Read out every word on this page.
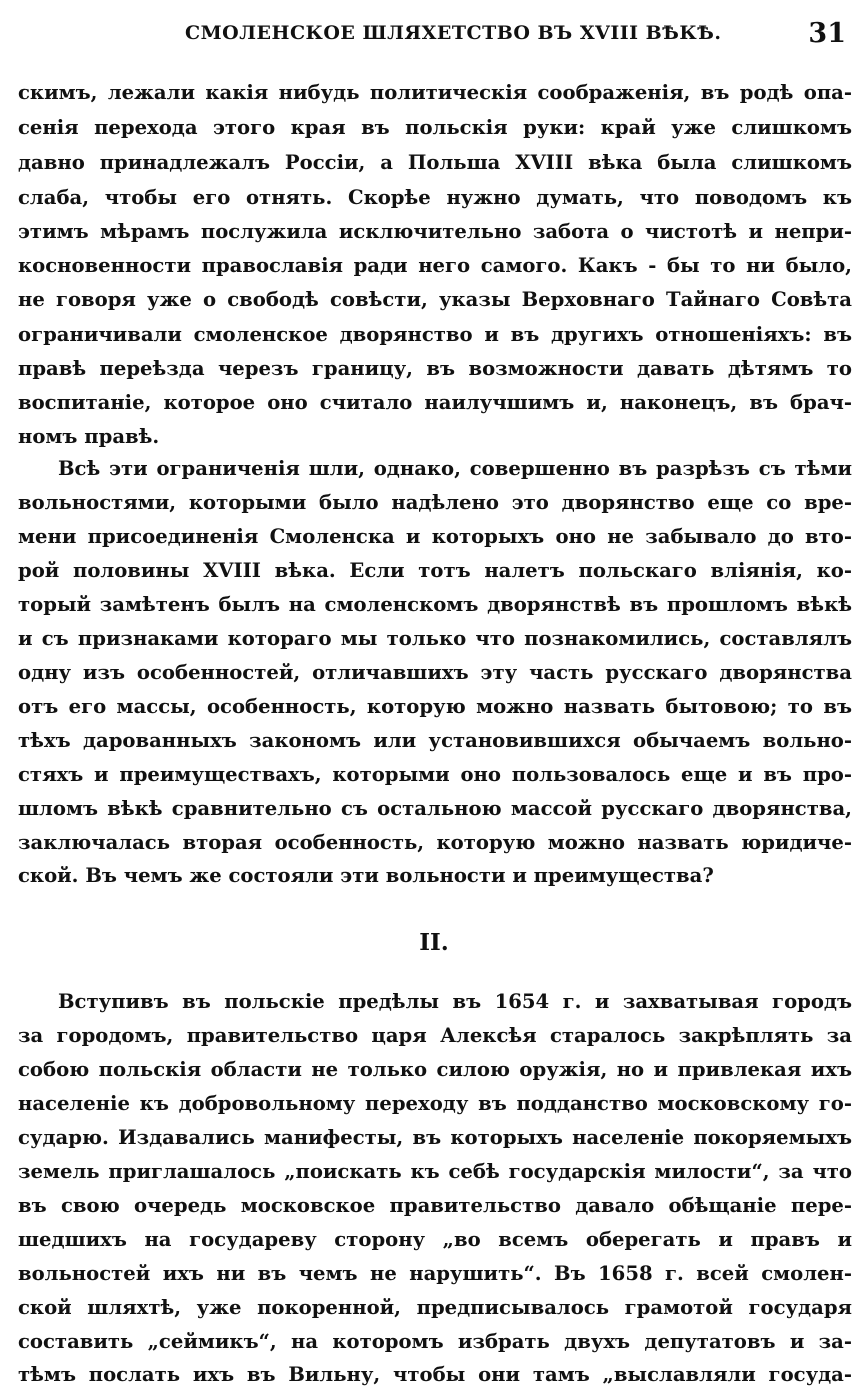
СМОЛЕНСКОЕ ШЛЯХЕТСТВО ВЪ XVIII ВѢКѢ.	31
скимъ, лежали какія нибудь политическія соображенія, въ родѣ опа-
сенія перехода этого края въ польскія руки: край уже слишкомъ
давно принадлежалъ Россіи, а Польша XVIII вѣка была слишкомъ
слаба, чтобы его отнять. Скорѣе нужно думать, что поводомъ къ
этимъ мѣрамъ послужила исключительно забота о чистотѣ и непри-
косновенности православія ради него самого. Какъ - бы то ни было,
не говоря уже о свободѣ совѣсти, указы Верховнаго Тайнаго Совѣта
ограничивали смоленское дворянство и въ другихъ отношеніяхъ: въ
правѣ переѣзда черезъ границу, въ возможности давать дѣтямъ то
воспитаніе, которое оно считало наилучшимъ и, наконецъ, въ брач-
номъ правѣ.
Всѣ эти ограниченія шли, однако, совершенно въ разрѣзъ съ тѣми
вольностями, которыми было надѣлено это дворянство еще со вре-
мени присоединенія Смоленска и которыхъ оно не забывало до вто-
рой половины XVIII вѣка. Если тотъ налетъ польскаго вліянія, ко-
торый замѣтенъ былъ на смоленскомъ дворянствѣ въ прошломъ вѣкѣ
и съ признаками котораго мы только что познакомились, составлялъ
одну изъ особенностей, отличавшихъ эту часть русскаго дворянства
отъ его массы, особенность, которую можно назвать бытовою; то въ
тѣхъ дарованныхъ закономъ или установившихся обычаемъ вольно-
стяхъ и преимуществахъ, которыми оно пользовалось еще и въ про-
шломъ вѣкѣ сравнительно съ остальною массой русскаго дворянства,
заключалась вторая особенность, которую можно назвать юридиче-
ской. Въ чемъ же состояли эти вольности и преимущества?
II.
Вступивъ въ польскіе предѣлы въ 1654 г. и захватывая городъ
за городомъ, правительство царя Алексѣя старалось закрѣплять за
собою польскія области не только силою оружія, но и привлекая ихъ
населеніе къ добровольному переходу въ подданство московскому го-
сударю. Издавались манифесты, въ которыхъ населеніе покоряемыхъ
земель приглашалось „поискать къ себѣ государскія милости“, за что
въ свою очередь московское правительство давало обѣщаніе пере-
шедшихъ на государеву сторону „во всемъ оберегать и правъ и
вольностей ихъ ни въ чемъ не нарушить“. Въ 1658 г. всей смолен-
ской шляхтѣ, уже покоренной, предписывалось грамотой государя
составить „сеймикъ“, на которомъ избрать двухъ депутатовъ и за-
тѣмъ послать ихъ въ Вильну, чтобы они тамъ „выславляли госуда-
